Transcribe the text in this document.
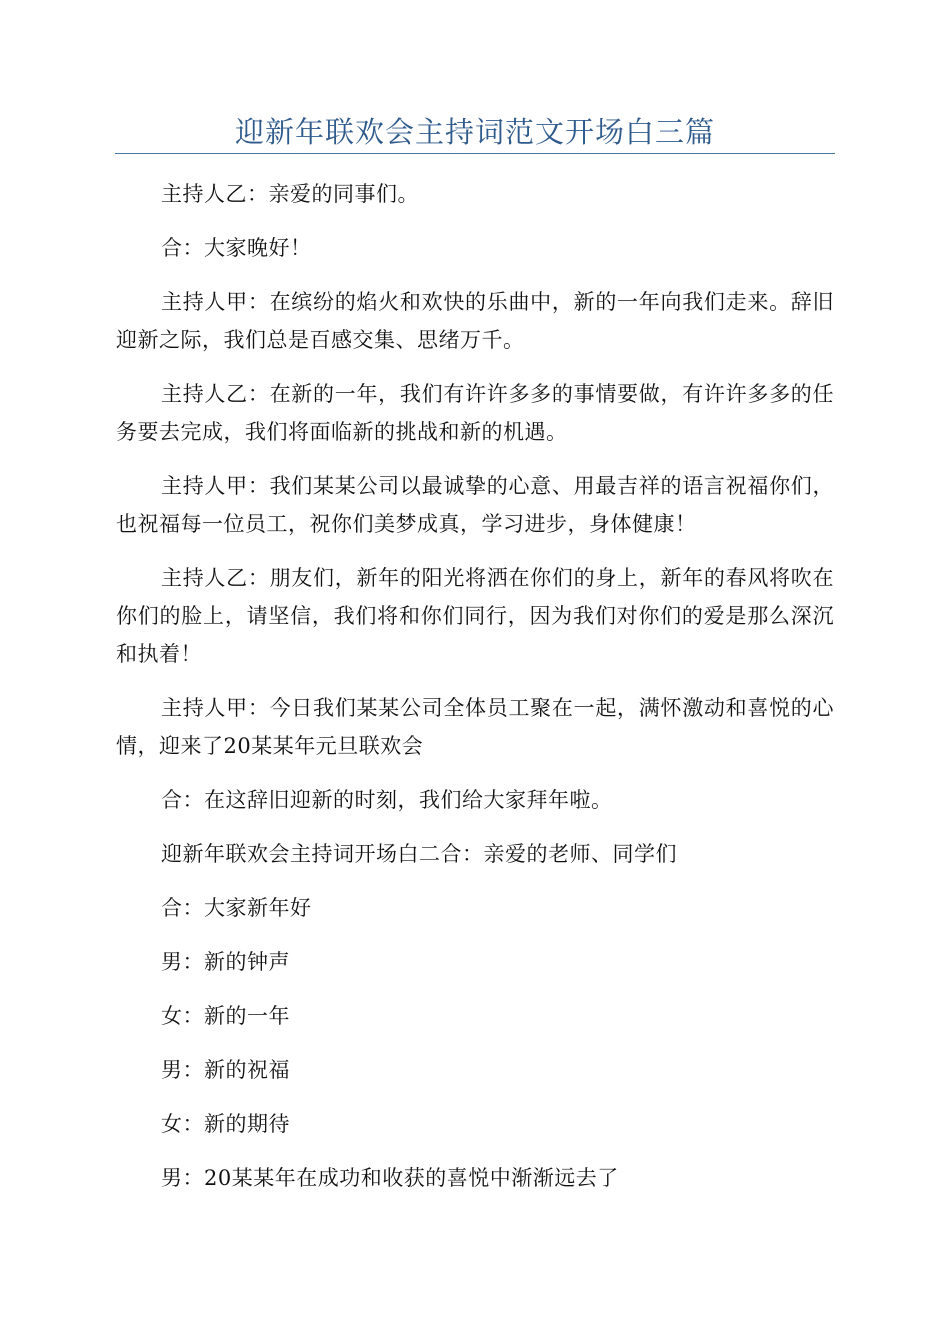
迎新年联欢会主持词范文开场白三篇

主持人乙：亲爱的同事们。

合：大家晚好！

主持人甲：在缤纷的焰火和欢快的乐曲中，新的一年向我们走来。辞旧迎新之际，我们总是百感交集、思绪万千。

主持人乙：在新的一年，我们有许许多多的事情要做，有许许多多的任务要去完成，我们将面临新的挑战和新的机遇。

主持人甲：我们某某公司以最诚挚的心意、用最吉祥的语言祝福你们，也祝福每一位员工，祝你们美梦成真，学习进步，身体健康！

主持人乙：朋友们，新年的阳光将洒在你们的身上，新年的春风将吹在你们的脸上，请坚信，我们将和你们同行，因为我们对你们的爱是那么深沉和执着！

主持人甲：今日我们某某公司全体员工聚在一起，满怀激动和喜悦的心情，迎来了20某某年元旦联欢会

合：在这辞旧迎新的时刻，我们给大家拜年啦。

迎新年联欢会主持词开场白二合：亲爱的老师、同学们

合：大家新年好

男：新的钟声

女：新的一年

男：新的祝福

女：新的期待

男：20某某年在成功和收获的喜悦中渐渐远去了
